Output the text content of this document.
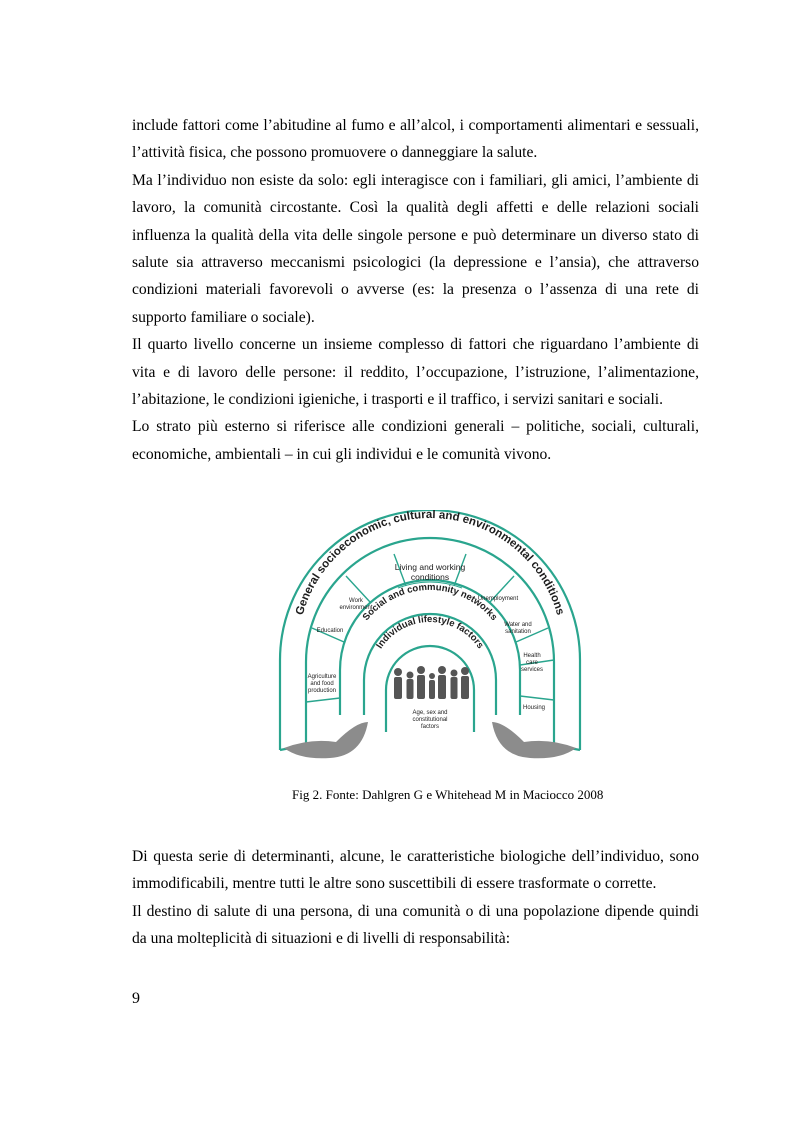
include fattori come l’abitudine al fumo e all’alcol, i comportamenti alimentari e sessuali, l’attività fisica, che possono promuovere o danneggiare la salute.

Ma l’individuo non esiste da solo: egli interagisce con i familiari, gli amici, l’ambiente di lavoro, la comunità circostante. Così la qualità degli affetti e delle relazioni sociali influenza la qualità della vita delle singole persone e può determinare un diverso stato di salute sia attraverso meccanismi psicologici (la depressione e l’ansia), che attraverso condizioni materiali favorevoli o avverse (es: la presenza o l’assenza di una rete di supporto familiare o sociale).

Il quarto livello concerne un insieme complesso di fattori che riguardano l’ambiente di vita e di lavoro delle persone: il reddito, l’occupazione, l’istruzione, l’alimentazione, l’abitazione, le condizioni igieniche, i trasporti e il traffico, i servizi sanitari e sociali.

Lo strato più esterno si riferisce alle condizioni generali – politiche, sociali, culturali, economiche, ambientali – in cui gli individui e le comunità vivono.

General socioeconomic, cultural and environmental conditions
Social and community networks
Individual lifestyle factors
Living and working
conditions
Agriculture
and food
production
Education
Work
environment
Unemployment
Water and
sanitation
Health
care
services
Housing
Age, sex and
constitutional
factors
Fig 2. Fonte: Dahlgren G e Whitehead M in Maciocco 2008

Di questa serie di determinanti, alcune, le caratteristiche biologiche dell’individuo, sono immodificabili, mentre tutti le altre sono suscettibili di essere trasformate o corrette.

Il destino di salute di una persona, di una comunità o di una popolazione dipende quindi da una molteplicità di situazioni e di livelli di responsabilità:

9
